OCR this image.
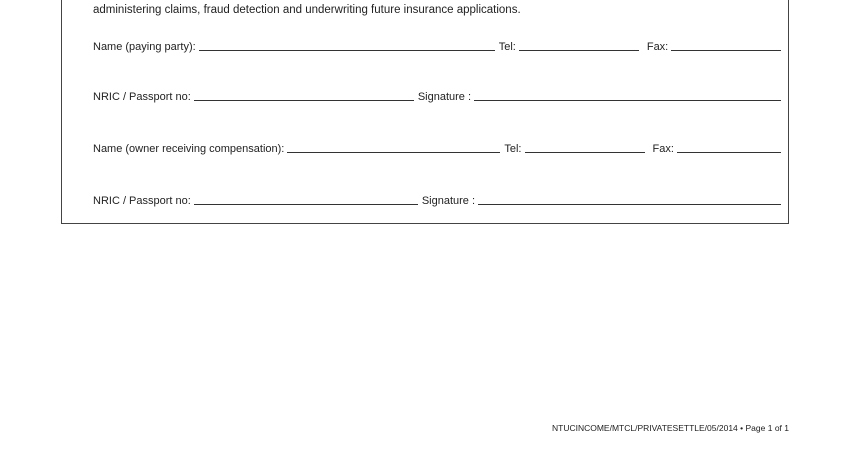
administering claims, fraud detection and underwriting future insurance applications.
Name (paying party):	Tel:	Fax:
NRIC / Passport no:	Signature :
Name (owner receiving compensation):	Tel:	Fax:
NRIC / Passport no:	Signature :
NTUCINCOME/MTCL/PRIVATESETTLE/05/2014 • Page 1 of 1
